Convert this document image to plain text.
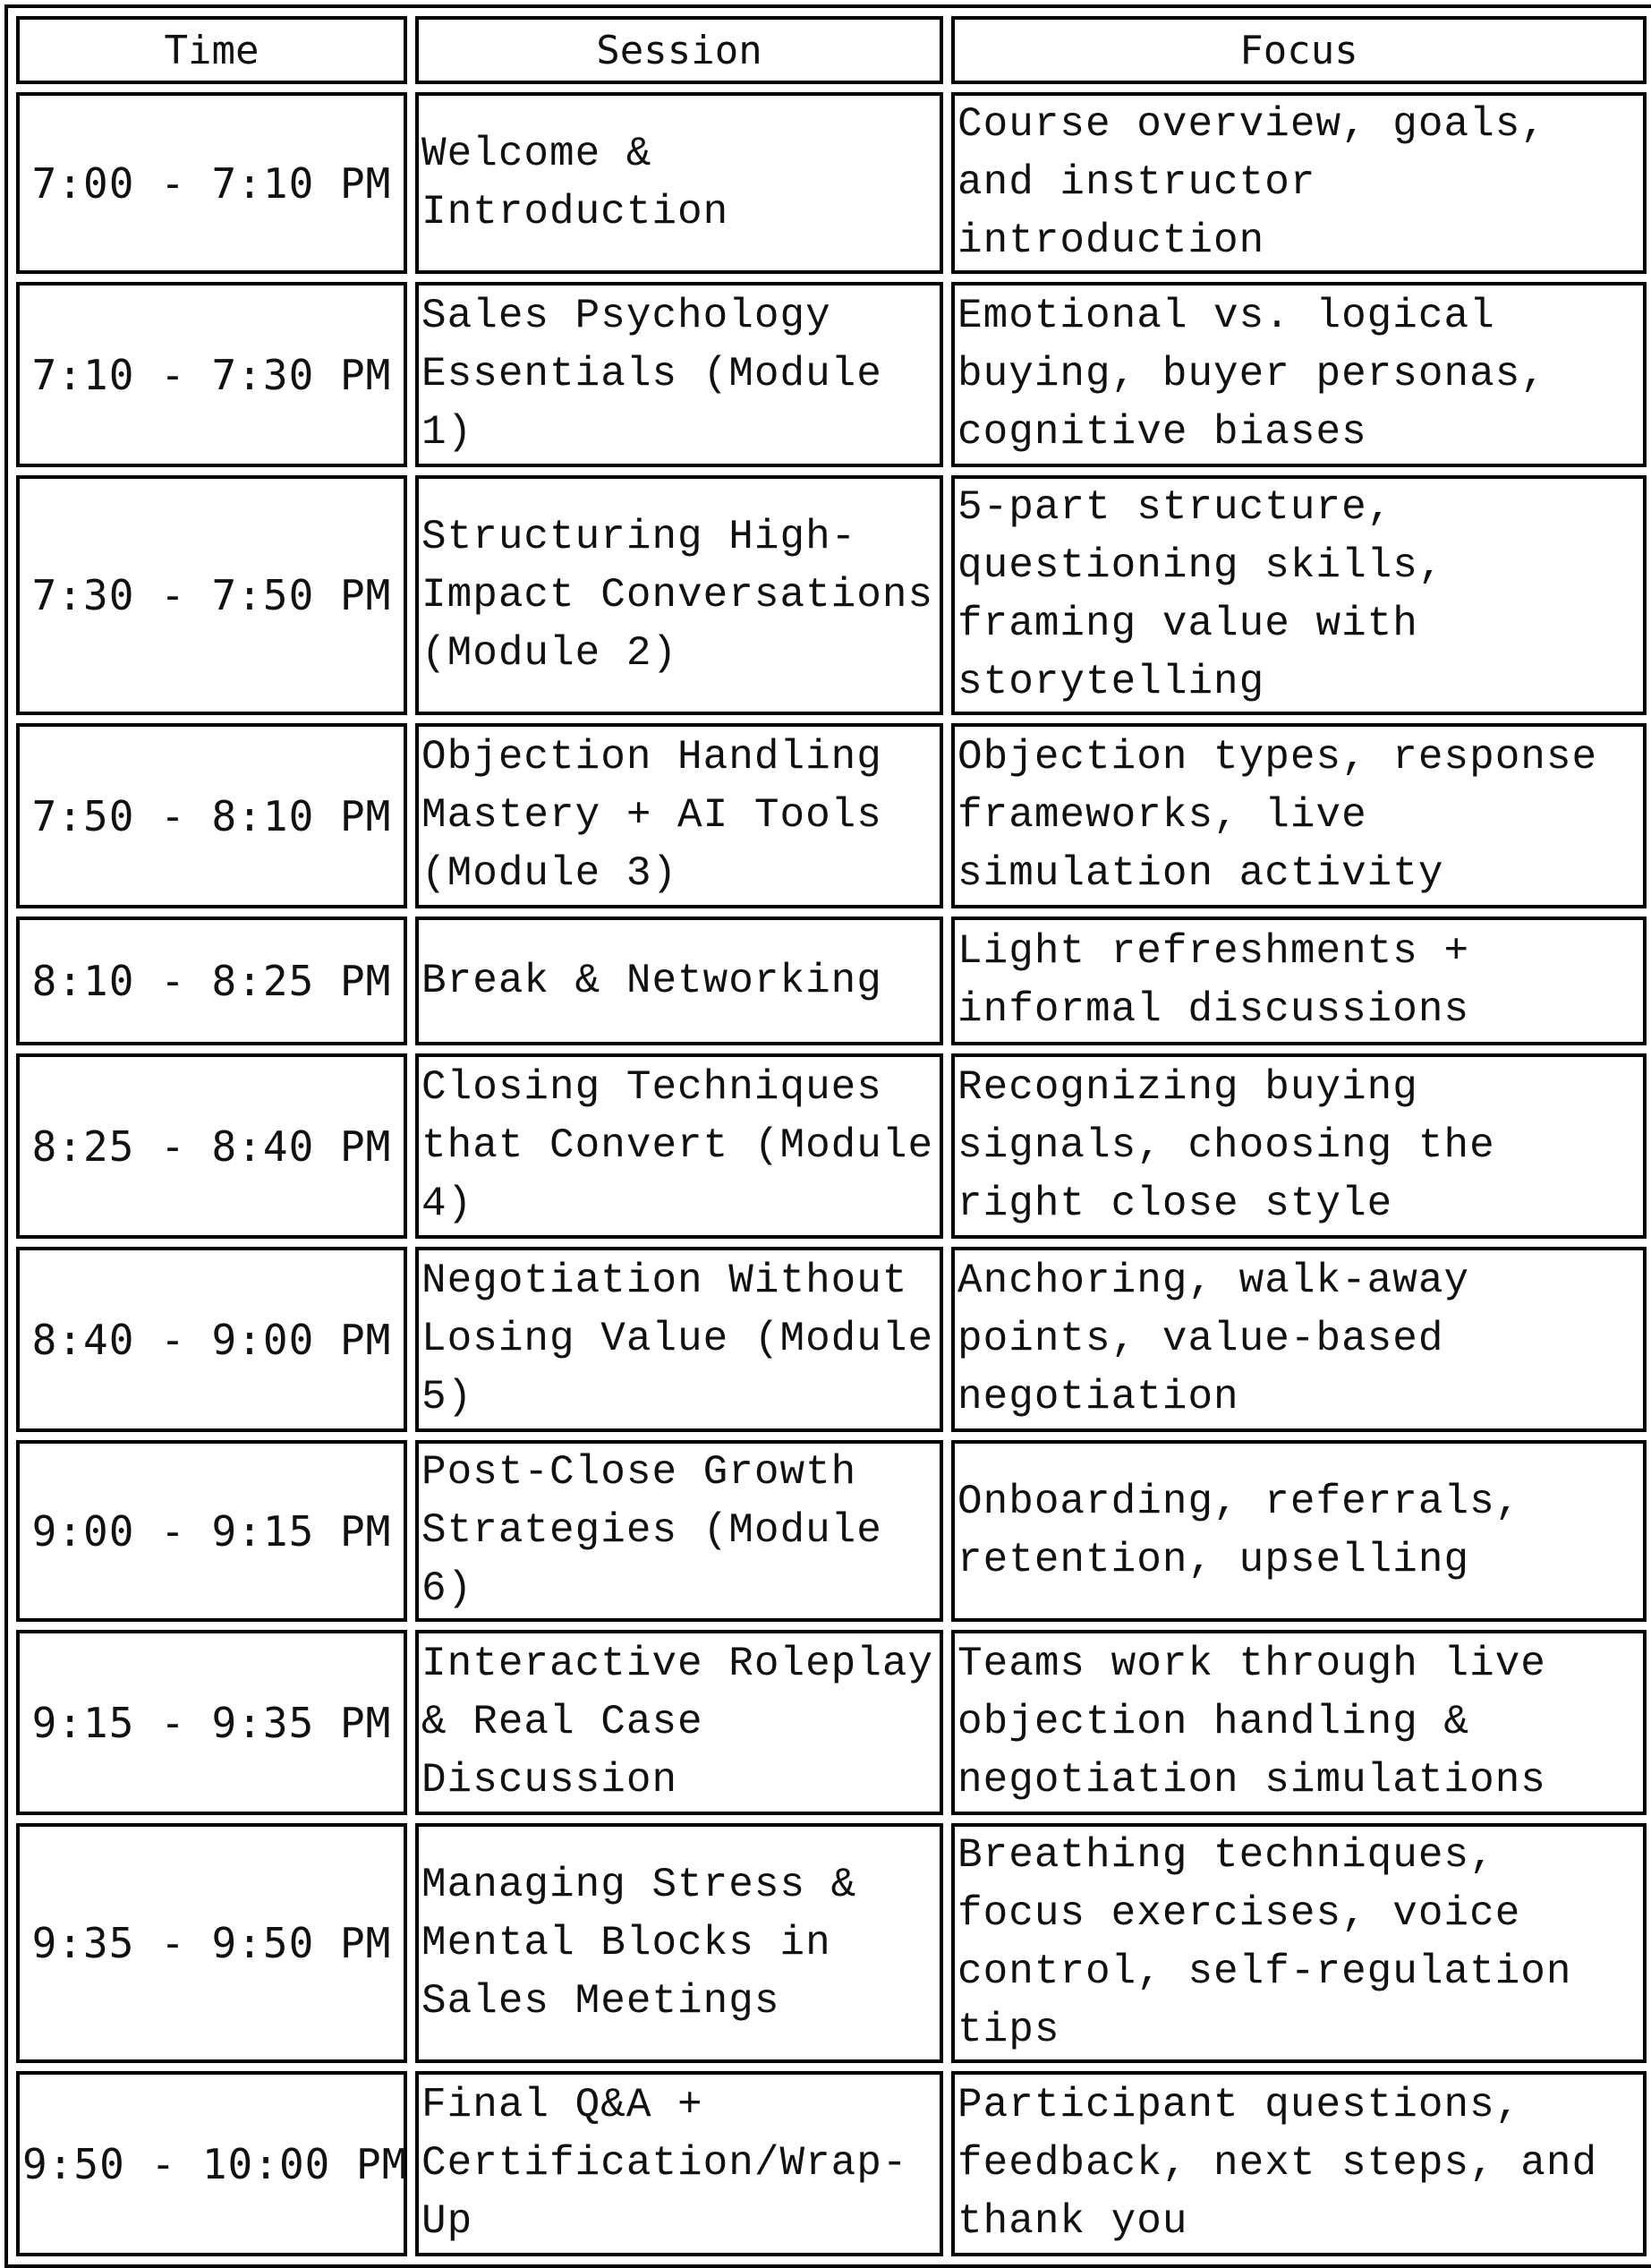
Time	Session	Focus
7:00 - 7:10 PM	Welcome & Introduction	Course overview, goals, and instructor introduction
7:10 - 7:30 PM	Sales Psychology Essentials (Module 1)	Emotional vs. logical buying, buyer personas, cognitive biases
7:30 - 7:50 PM	Structuring High-Impact Conversations (Module 2)	5-part structure, questioning skills, framing value with storytelling
7:50 - 8:10 PM	Objection Handling Mastery + AI Tools (Module 3)	Objection types, response frameworks, live simulation activity
8:10 - 8:25 PM	Break & Networking	Light refreshments + informal discussions
8:25 - 8:40 PM	Closing Techniques that Convert (Module 4)	Recognizing buying signals, choosing the right close style
8:40 - 9:00 PM	Negotiation Without Losing Value (Module 5)	Anchoring, walk-away points, value-based negotiation
9:00 - 9:15 PM	Post-Close Growth Strategies (Module 6)	Onboarding, referrals, retention, upselling
9:15 - 9:35 PM	Interactive Roleplay & Real Case Discussion	Teams work through live objection handling & negotiation simulations
9:35 - 9:50 PM	Managing Stress & Mental Blocks in Sales Meetings	Breathing techniques, focus exercises, voice control, self-regulation tips
9:50 - 10:00 PM	Final Q&A + Certification/Wrap-Up	Participant questions, feedback, next steps, and thank you
